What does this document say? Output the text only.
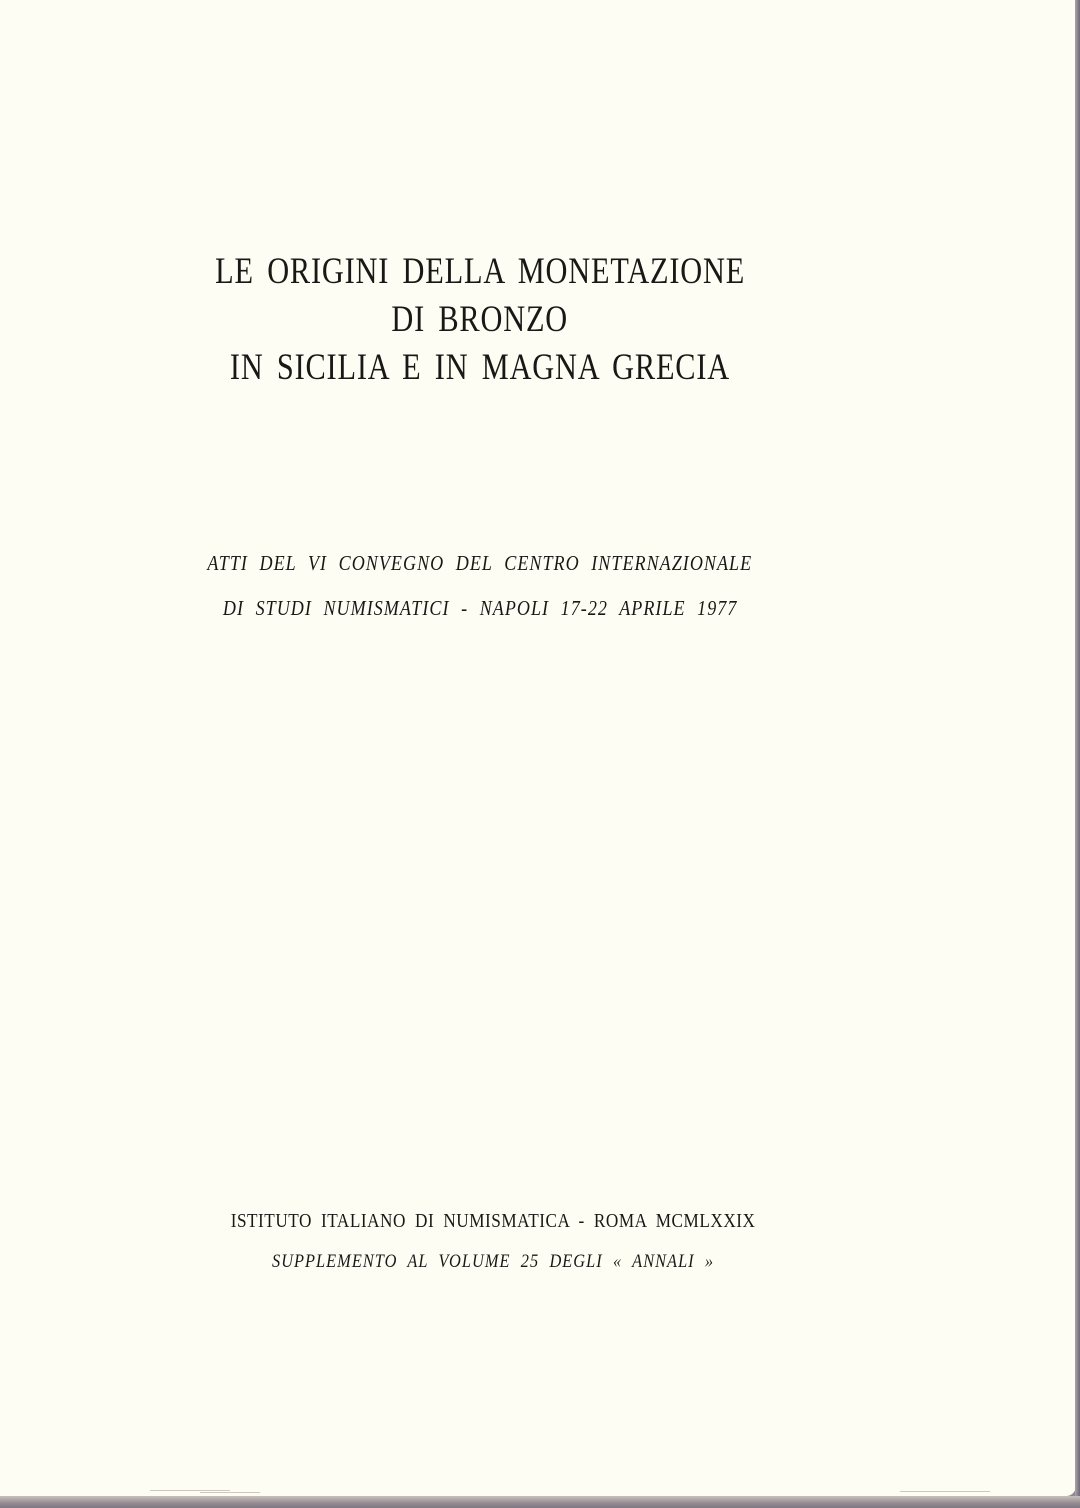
LE ORIGINI DELLA MONETAZIONE
DI BRONZO
IN SICILIA E IN MAGNA GRECIA
ATTI DEL VI CONVEGNO DEL CENTRO INTERNAZIONALE
DI STUDI NUMISMATICI - NAPOLI 17-22 APRILE 1977
ISTITUTO ITALIANO DI NUMISMATICA - ROMA MCMLXXIX
SUPPLEMENTO AL VOLUME 25 DEGLI « ANNALI »
